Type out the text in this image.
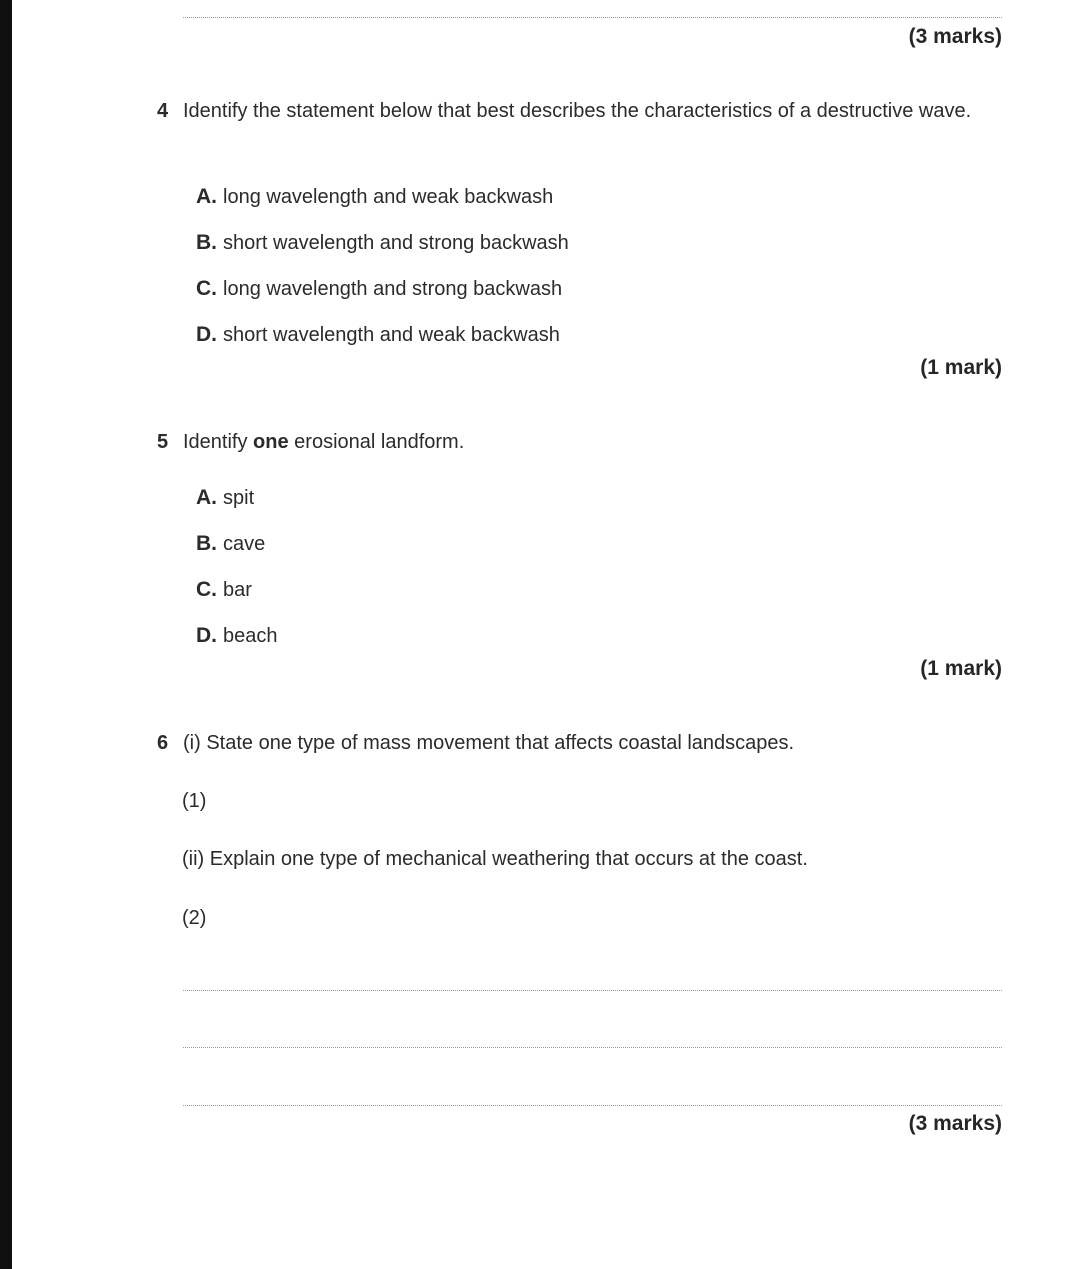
(3 marks)
4 Identify the statement below that best describes the characteristics of a destructive wave.
A. long wavelength and weak backwash
B. short wavelength and strong backwash
C. long wavelength and strong backwash
D. short wavelength and weak backwash
(1 mark)
5 Identify one erosional landform.
A. spit
B. cave
C. bar
D. beach
(1 mark)
6 (i) State one type of mass movement that affects coastal landscapes.
(1)
(ii) Explain one type of mechanical weathering that occurs at the coast.
(2)
(3 marks)
